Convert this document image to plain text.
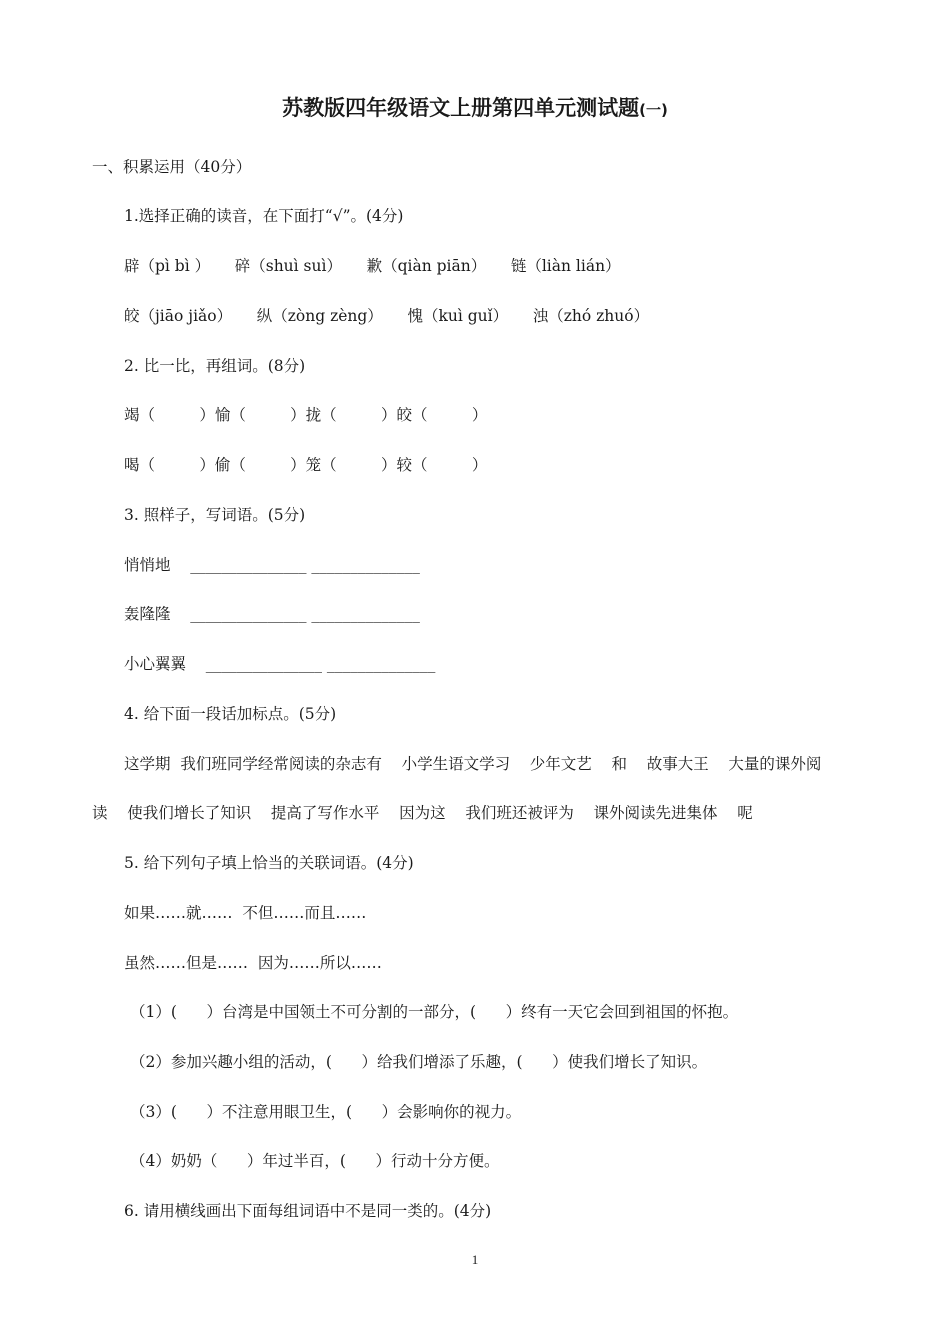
苏教版四年级语文上册第四单元测试题(一)
一、积累运用（40分）
1.选择正确的读音，在下面打“√”。(4分)
辟（pì bì ）     碎（shuì suì）     歉（qiàn piān）     链（liàn lián）
皎（jiāo jiǎo）     纵（zòng zèng）     愧（kuì guǐ）     浊（zhó zhuó）
2. 比一比，再组词。(8分)
竭（         ）愉（         ）拢（         ）皎（         ）
喝（         ）偷（         ）笼（         ）较（         ）
3. 照样子，写词语。(5分)
悄悄地    _______________ ______________
轰隆隆    _______________ ______________
小心翼翼    _______________ ______________
4. 给下面一段话加标点。(5分)
这学期  我们班同学经常阅读的杂志有    小学生语文学习    少年文艺    和    故事大王    大量的课外阅
读    使我们增长了知识    提高了写作水平    因为这    我们班还被评为    课外阅读先进集体    呢
5. 给下列句子填上恰当的关联词语。(4分)
如果……就……  不但……而且……
虽然……但是……  因为……所以……
（1）(      ）台湾是中国领土不可分割的一部分，(      ）终有一天它会回到祖国的怀抱。
（2）参加兴趣小组的活动，(      ）给我们增添了乐趣，(      ）使我们增长了知识。
（3）(      ）不注意用眼卫生，(      ）会影响你的视力。
（4）奶奶（      ）年过半百，(      ）行动十分方便。
6. 请用横线画出下面每组词语中不是同一类的。(4分)
1
